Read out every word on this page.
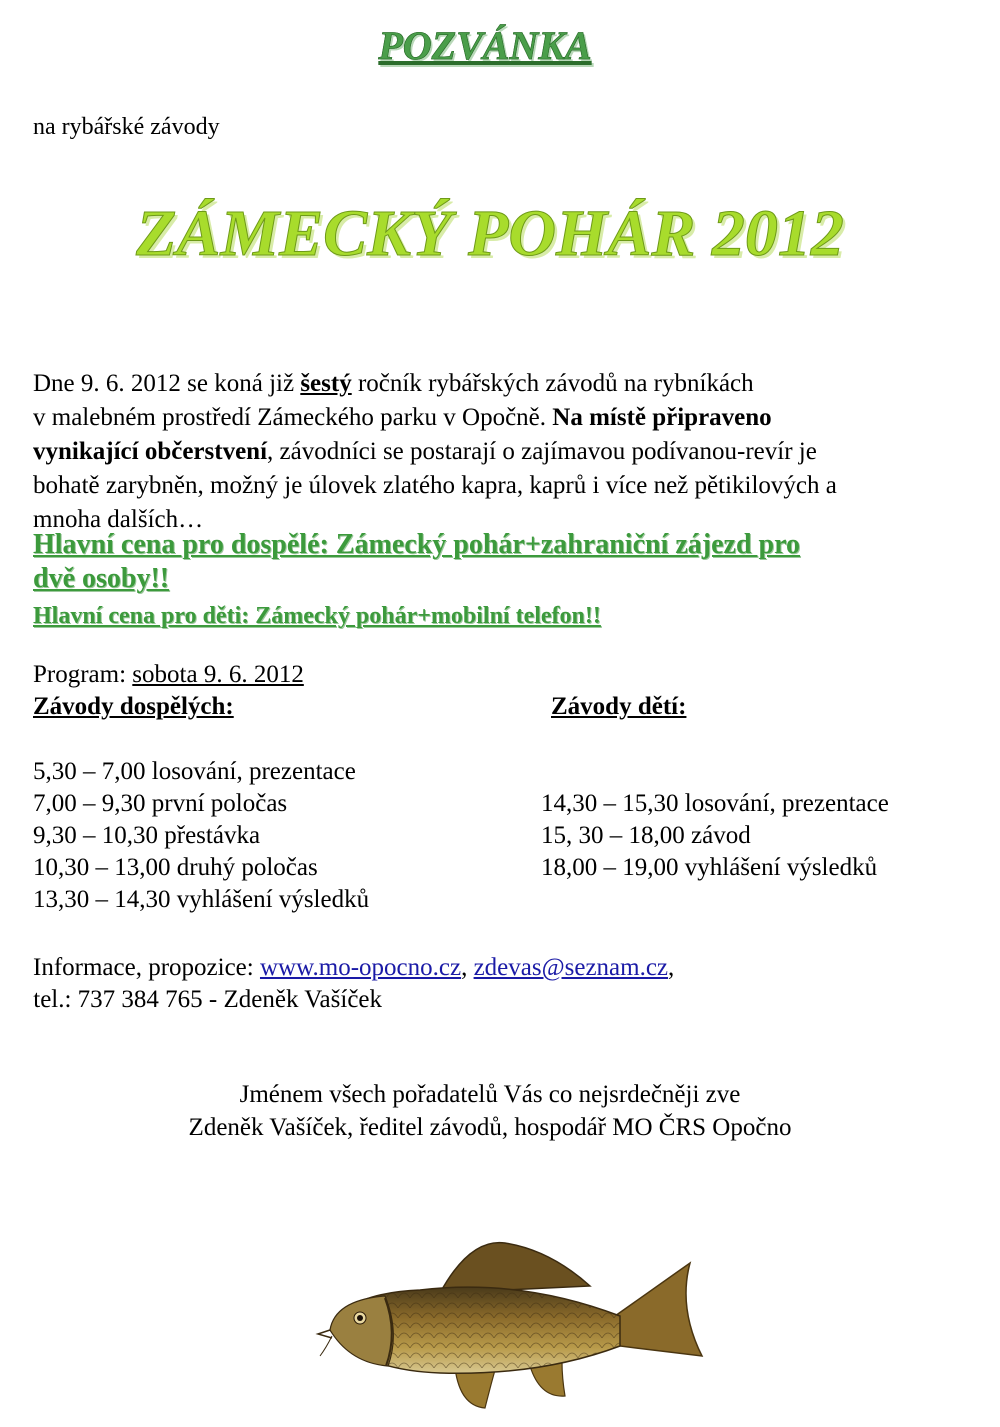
POZVÁNKA
na rybářské závody
ZÁMECKÝ POHÁR 2012
Dne 9. 6. 2012 se koná již šestý ročník rybářských závodů na rybníkách
v malebném prostředí Zámeckého parku v Opočně. Na místě připraveno
vynikající občerstvení, závodníci se postarají o zajímavou podívanou-revír je
bohatě zarybněn, možný je úlovek zlatého kapra, kaprů i více než pětikilových a
mnoha dalších…
Hlavní cena pro dospělé: Zámecký pohár+zahraniční zájezd pro
dvě osoby!!
Hlavní cena pro děti: Zámecký pohár+mobilní telefon!!
Program: sobota 9. 6. 2012
Závody dospělých:	Závody dětí:
5,30 – 7,00 losování, prezentace
7,00 – 9,30 první poločas
9,30 – 10,30 přestávka
10,30 – 13,00 druhý poločas
13,30 – 14,30 vyhlášení výsledků
14,30 – 15,30 losování, prezentace
15, 30 – 18,00 závod
18,00 – 19,00 vyhlášení výsledků
Informace, propozice: www.mo-opocno.cz, zdevas@seznam.cz,
tel.: 737 384 765 - Zdeněk Vašíček
Jménem všech pořadatelů Vás co nejsrdečněji zve
Zdeněk Vašíček, ředitel závodů, hospodář MO ČRS Opočno
